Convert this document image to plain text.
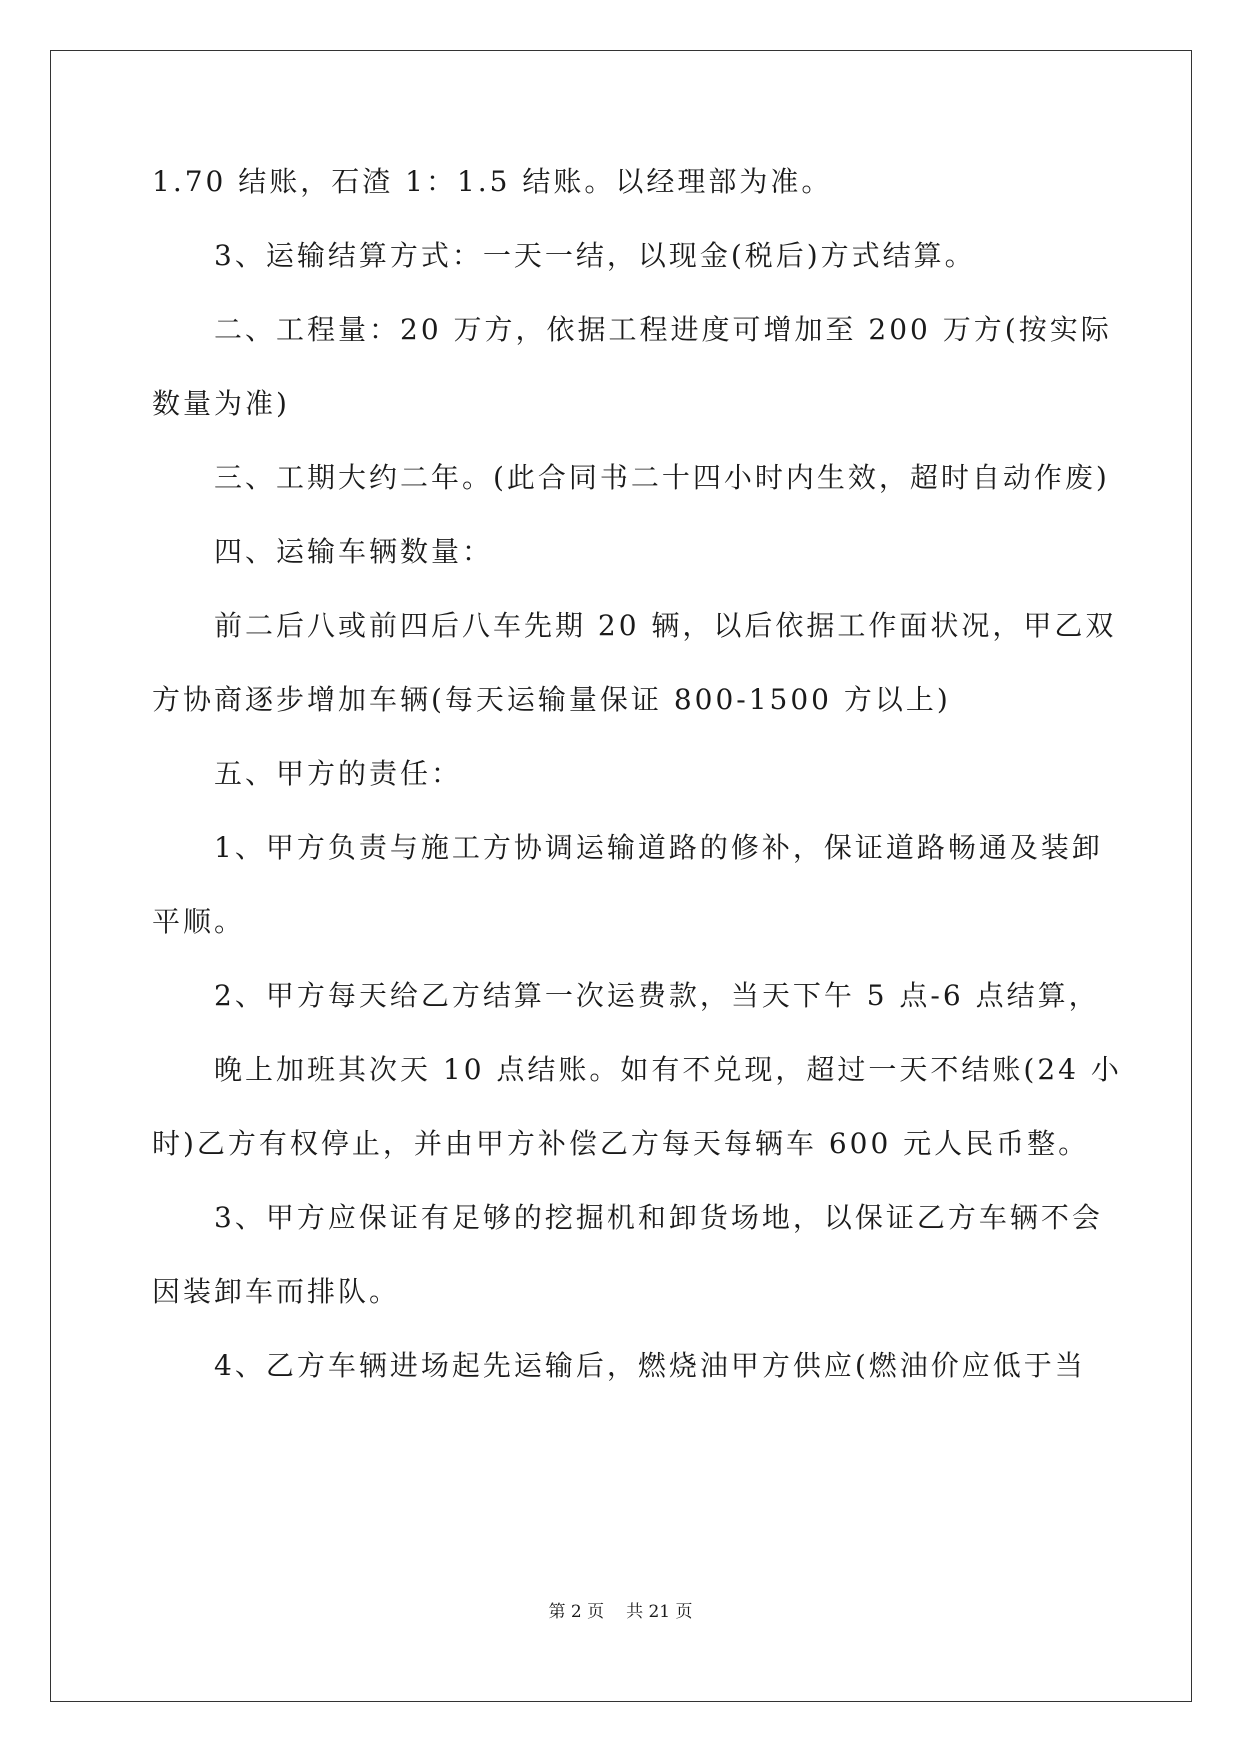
1.70 结账，石渣 1：1.5 结账。以经理部为准。
3、运输结算方式：一天一结，以现金(税后)方式结算。
二、工程量：20 万方，依据工程进度可增加至 200 万方(按实际
数量为准)
三、工期大约二年。(此合同书二十四小时内生效，超时自动作废)
四、运输车辆数量：
前二后八或前四后八车先期 20 辆，以后依据工作面状况，甲乙双
方协商逐步增加车辆(每天运输量保证 800-1500 方以上)
五、甲方的责任：
1、甲方负责与施工方协调运输道路的修补，保证道路畅通及装卸
平顺。
2、甲方每天给乙方结算一次运费款，当天下午 5 点-6 点结算，
晚上加班其次天 10 点结账。如有不兑现，超过一天不结账(24 小
时)乙方有权停止，并由甲方补偿乙方每天每辆车 600 元人民币整。
3、甲方应保证有足够的挖掘机和卸货场地，以保证乙方车辆不会
因装卸车而排队。
4、乙方车辆进场起先运输后，燃烧油甲方供应(燃油价应低于当
第 2 页 共 21 页
